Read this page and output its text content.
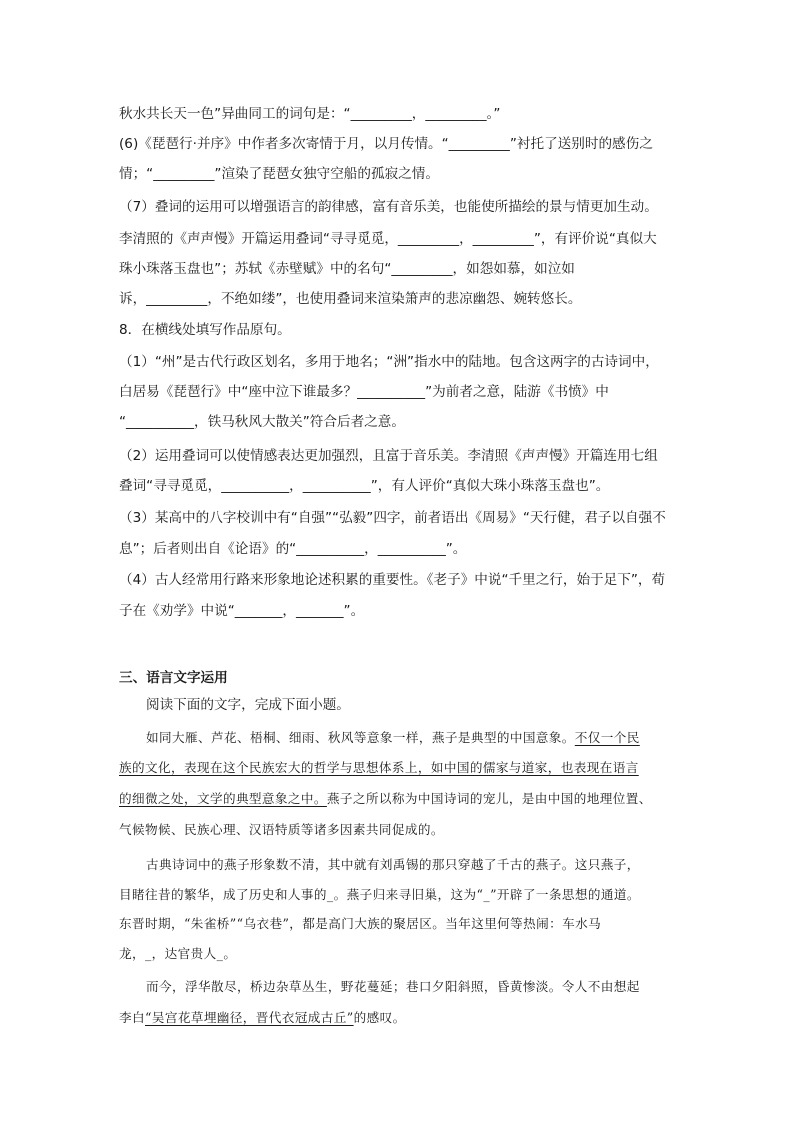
秋水共长天一色”异曲同工的词句是：“_________，_________。”
(6)《琵琶行·并序》中作者多次寄情于月，以月传情。“_________”衬托了送别时的感伤之
情；“_________”渲染了琵琶女独守空船的孤寂之情。
（7）叠词的运用可以增强语言的韵律感，富有音乐美，也能使所描绘的景与情更加生动。
李清照的《声声慢》开篇运用叠词“寻寻觅觅，_________，_________”，有评价说“真似大
珠小珠落玉盘也”；苏轼《赤壁赋》中的名句“_________，如怨如慕，如泣如
诉，_________，不绝如缕”，也使用叠词来渲染箫声的悲凉幽怨、婉转悠长。
8．在横线处填写作品原句。
（1）“州”是古代行政区划名，多用于地名；“洲”指水中的陆地。包含这两字的古诗词中，
白居易《琵琶行》中“座中泣下谁最多？__________”为前者之意，陆游《书愤》中
“__________，铁马秋风大散关”符合后者之意。
（2）运用叠词可以使情感表达更加强烈，且富于音乐美。李清照《声声慢》开篇连用七组
叠词“寻寻觅觅，__________，__________”，有人评价“真似大珠小珠落玉盘也”。
（3）某高中的八字校训中有“自强”“弘毅”四字，前者语出《周易》“天行健，君子以自强不
息”；后者则出自《论语》的“__________，__________”。
（4）古人经常用行路来形象地论述积累的重要性。《老子》中说“千里之行，始于足下”，荀
子在《劝学》中说“_______，_______”。
三、语言文字运用
阅读下面的文字，完成下面小题。
如同大雁、芦花、梧桐、细雨、秋风等意象一样，燕子是典型的中国意象。不仅一个民
族的文化，表现在这个民族宏大的哲学与思想体系上，如中国的儒家与道家，也表现在语言
的细微之处，文学的典型意象之中。燕子之所以称为中国诗词的宠儿，是由中国的地理位置、
气候物候、民族心理、汉语特质等诸多因素共同促成的。
古典诗词中的燕子形象数不清，其中就有刘禹锡的那只穿越了千古的燕子。这只燕子，
目睹往昔的繁华，成了历史和人事的_。燕子归来寻旧巢，这为“_”开辟了一条思想的通道。
东晋时期，“朱雀桥”“乌衣巷”，都是高门大族的聚居区。当年这里何等热闹：车水马
龙，_，达官贵人_。
而今，浮华散尽，桥边杂草丛生，野花蔓延；巷口夕阳斜照，昏黄惨淡。令人不由想起
李白“吴宫花草埋幽径，晋代衣冠成古丘”的感叹。
